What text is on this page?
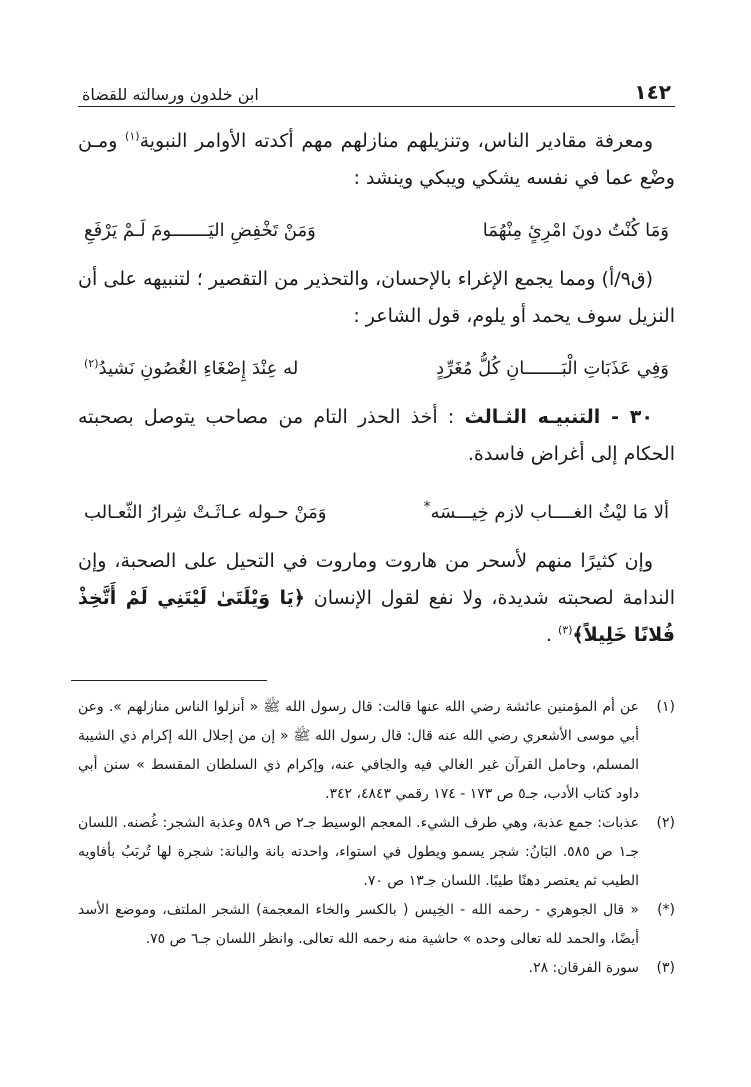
١٤٢
ابن خلدون ورسالته للقضاة

ومعرفة مقادير الناس، وتنزيلهم منازلهم مهم أكدته الأوامر النبوية$^{(١)}$ ومـن وضْع عما في نفسه يشكي ويبكي وينشد :

وَمَا كُنْتُ دونَ امْرِئٍ مِنْهُمَا
وَمَنْ تَخْفِضِ اليَـــــــومَ لَـمْ يَرْفَعِ

(ق٩/أ) ومما يجمع الإغراء بالإحسان، والتحذير من التقصير ؛ لتنبيهه على أن النزيل سوف يحمد أو يلوم، قول الشاعر :

وَفِي عَذَبَاتِ الْبَـــــــانِ كُلُّ مُغَرِّدٍ
له عِنْدَ إِصْغَاءِ الغُصُونِ نَشيدُ$^{(٢)}$

٣٠ - التنبيـه الثـالث : أخذ الحذر التام من مصاحب يتوصل بصحبته الحكام إلى أغراض فاسدة.

ألا مَا ليْثُ الغــــاب لازم خِيـــسَه*
وَمَنْ حـوله عـاثَـتْ شِرارُ الثّعـالب

وإن كثيرًا منهم لأسحر من هاروت وماروت في التحيل على الصحبة، وإن الندامة لصحبته شديدة، ولا نفع لقول الإنسان ﴿يَا وَيْلَتَىٰ لَيْتَنِي لَمْ أَتَّخِذْ فُلانًا خَلِيلاً﴾$^{(٣)}$ .

(١)
عن أم المؤمنين عائشة رضي الله عنها قالت: قال رسول الله ﷺ « أنزلوا الناس منازلهم ». وعن أبي موسى الأشعري رضي الله عنه قال: قال رسول الله ﷺ « إن من إجلال الله إكرام ذي الشيبة المسلم، وحامل القرآن غير الغالي فيه والجافي عنه، وإكرام ذي السلطان المقسط » سنن أبي داود كتاب الأدب، جـ٥ ص ١٧٣ - ١٧٤ رقمي ٤٨٤٣، ٣٤٢.
(٢)
عذبات: جمع عذبة، وهي طرف الشيء. المعجم الوسيط جـ٢ ص ٥٨٩ وعذبة الشجر: غُصنه. اللسان جـ١ ص ٥٨٥. البَانُ: شجر يسمو ويطول في استواء، واحدته بانة والبانة: شجرة لها تُربَبُ بأفاويه الطيب ثم يعتصر دهنًا طيبًا. اللسان جـ١٣ ص ٧٠.
(*)
« قال الجوهري - رحمه الله - الخِيس ( بالكسر والخاء المعجمة) الشجر الملتف، وموضع الأسد أيضًا، والحمد لله تعالى وحده » حاشية منه رحمه الله تعالى. وانظر اللسان جـ٦ ص ٧٥.
(٣)
سورة الفرقان: ٢٨.
